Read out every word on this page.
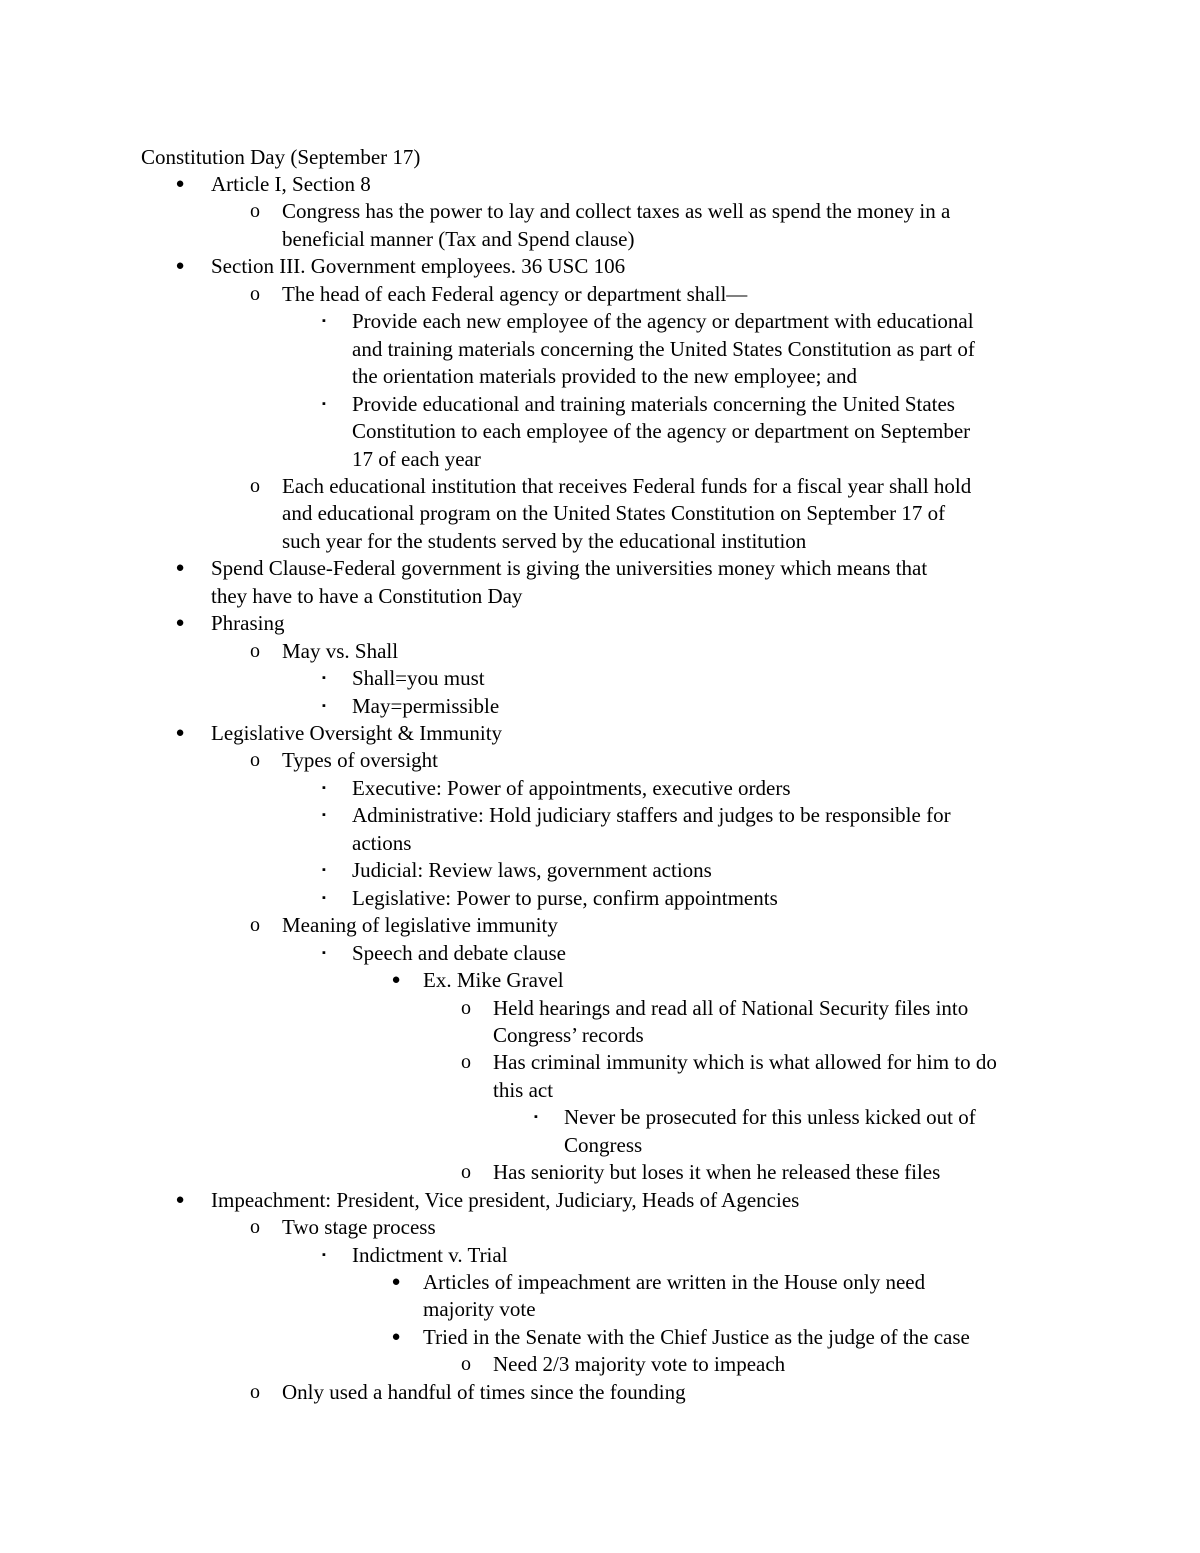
Constitution Day (September 17)
● Article I, Section 8
o Congress has the power to lay and collect taxes as well as spend the money in a
beneficial manner (Tax and Spend clause)
● Section III. Government employees. 36 USC 106
o The head of each Federal agency or department shall—
▪	Provide each new employee of the agency or department with educational
and training materials concerning the United States Constitution as part of
the orientation materials provided to the new employee; and
▪	Provide educational and training materials concerning the United States
Constitution to each employee of the agency or department on September
17 of each year
o Each educational institution that receives Federal funds for a fiscal year shall hold
and educational program on the United States Constitution on September 17 of
such year for the students served by the educational institution
● Spend Clause-Federal government is giving the universities money which means that
they have to have a Constitution Day
● Phrasing
o May vs. Shall
▪	Shall=you must
▪	May=permissible
● Legislative Oversight & Immunity
o Types of oversight
▪	Executive: Power of appointments, executive orders
▪	Administrative: Hold judiciary staffers and judges to be responsible for
actions
▪	Judicial: Review laws, government actions
▪	Legislative: Power to purse, confirm appointments
o Meaning of legislative immunity
▪	Speech and debate clause
● Ex. Mike Gravel
o Held hearings and read all of National Security files into
Congress’ records
o Has criminal immunity which is what allowed for him to do
this act
▪	Never be prosecuted for this unless kicked out of
Congress
o Has seniority but loses it when he released these files
● Impeachment: President, Vice president, Judiciary, Heads of Agencies
o Two stage process
▪	Indictment v. Trial
● Articles of impeachment are written in the House only need
majority vote
● Tried in the Senate with the Chief Justice as the judge of the case
o Need 2/3 majority vote to impeach
o Only used a handful of times since the founding
